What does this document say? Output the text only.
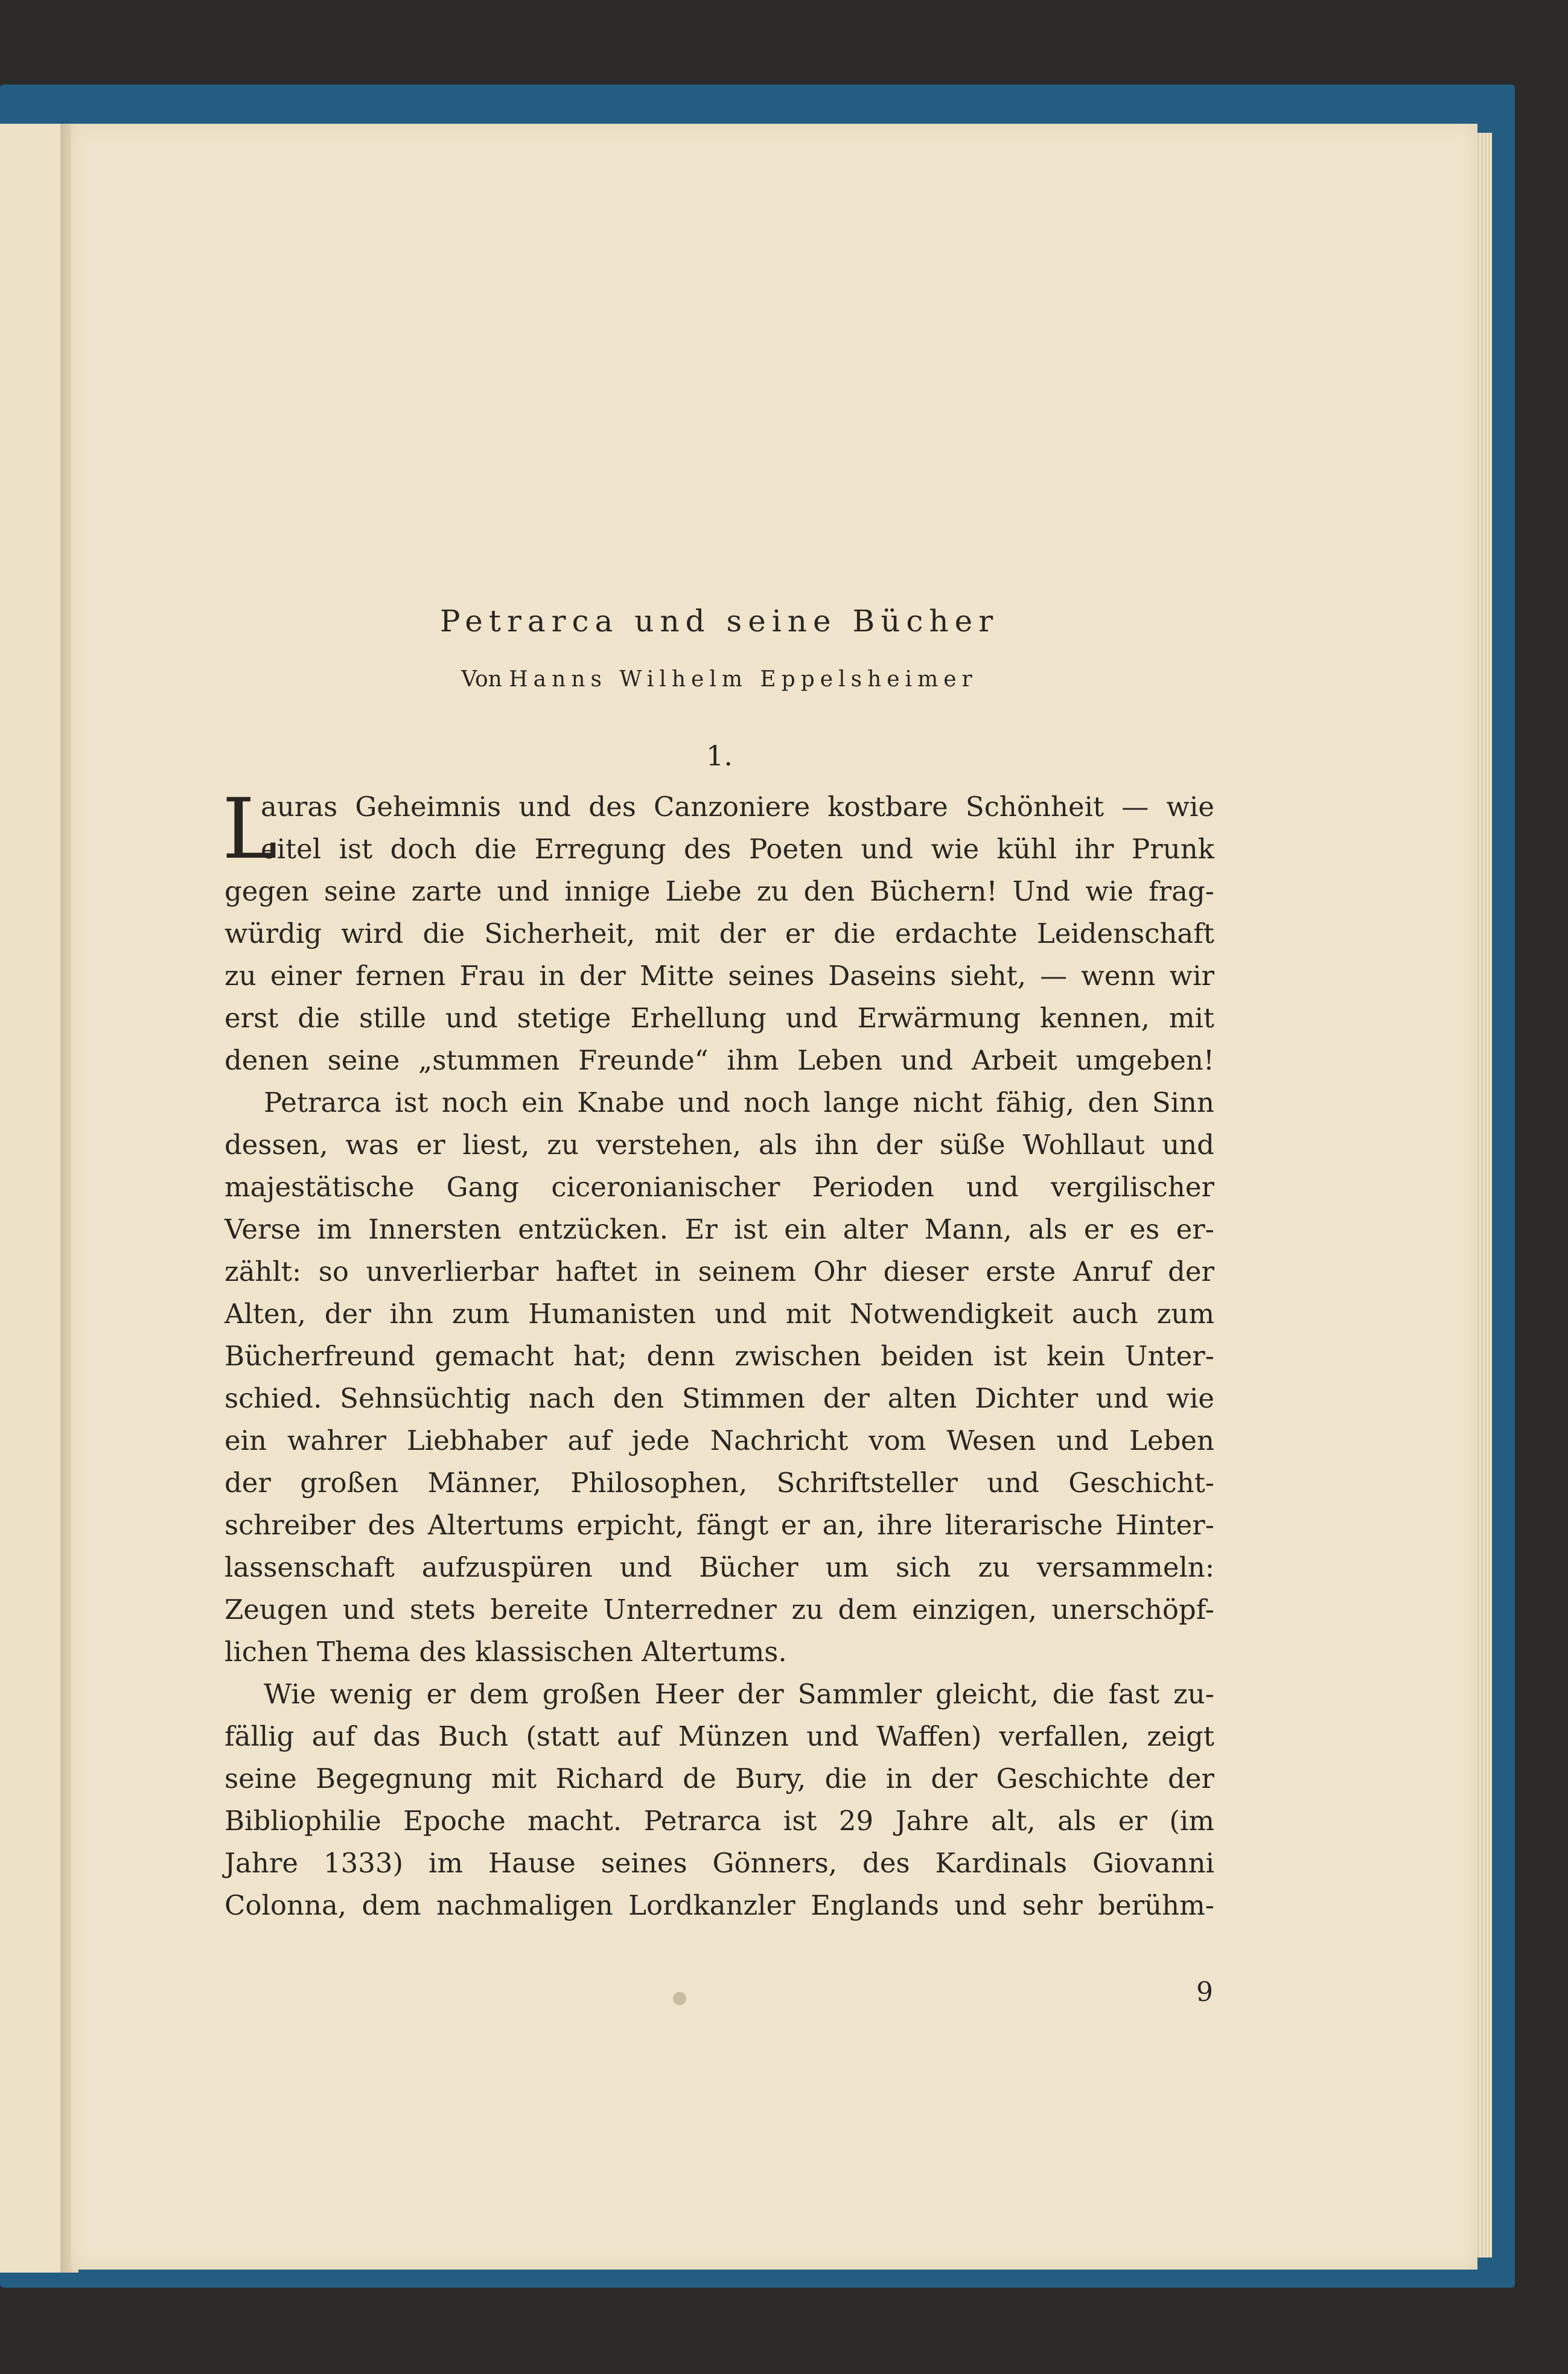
Petrarca und seine Bücher
Von Hanns Wilhelm Eppelsheimer
1.
L
auras Geheimnis und des Canzoniere kostbare Schönheit — wie
eitel ist doch die Erregung des Poeten und wie kühl ihr Prunk
gegen seine zarte und innige Liebe zu den Büchern! Und wie frag-
würdig wird die Sicherheit, mit der er die erdachte Leidenschaft
zu einer fernen Frau in der Mitte seines Daseins sieht, — wenn wir
erst die stille und stetige Erhellung und Erwärmung kennen, mit
denen seine „stummen Freunde“ ihm Leben und Arbeit umgeben!
Petrarca ist noch ein Knabe und noch lange nicht fähig, den Sinn
dessen, was er liest, zu verstehen, als ihn der süße Wohllaut und
majestätische Gang ciceronianischer Perioden und vergilischer
Verse im Innersten entzücken. Er ist ein alter Mann, als er es er-
zählt: so unverlierbar haftet in seinem Ohr dieser erste Anruf der
Alten, der ihn zum Humanisten und mit Notwendigkeit auch zum
Bücherfreund gemacht hat; denn zwischen beiden ist kein Unter-
schied. Sehnsüchtig nach den Stimmen der alten Dichter und wie
ein wahrer Liebhaber auf jede Nachricht vom Wesen und Leben
der großen Männer, Philosophen, Schriftsteller und Geschicht-
schreiber des Altertums erpicht, fängt er an, ihre literarische Hinter-
lassenschaft aufzuspüren und Bücher um sich zu versammeln:
Zeugen und stets bereite Unterredner zu dem einzigen, unerschöpf-
lichen Thema des klassischen Altertums.
Wie wenig er dem großen Heer der Sammler gleicht, die fast zu-
fällig auf das Buch (statt auf Münzen und Waffen) verfallen, zeigt
seine Begegnung mit Richard de Bury, die in der Geschichte der
Bibliophilie Epoche macht. Petrarca ist 29 Jahre alt, als er (im
Jahre 1333) im Hause seines Gönners, des Kardinals Giovanni
Colonna, dem nachmaligen Lordkanzler Englands und sehr berühm-
9
